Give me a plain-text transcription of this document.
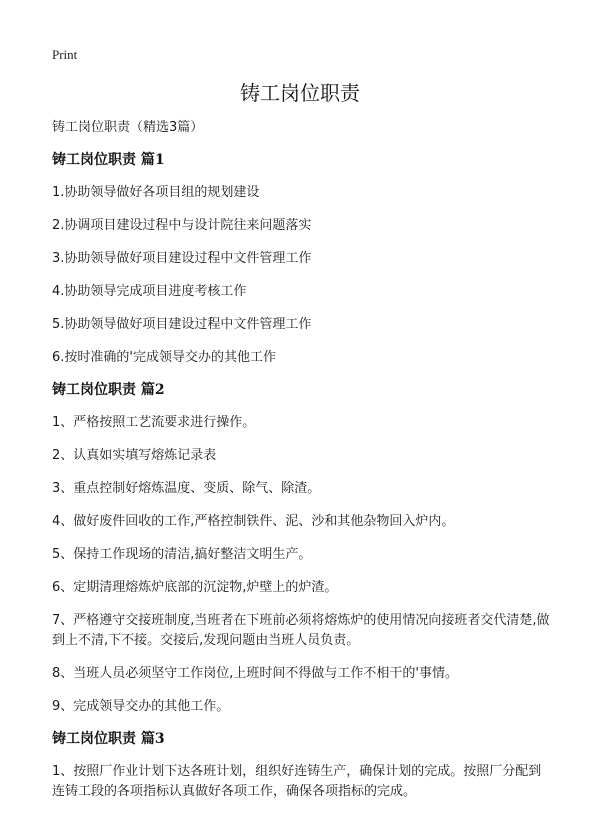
Print
铸工岗位职责

铸工岗位职责（精选3篇）

铸工岗位职责 篇1

1.协助领导做好各项目组的规划建设

2.协调项目建设过程中与设计院往来问题落实

3.协助领导做好项目建设过程中文件管理工作

4.协助领导完成项目进度考核工作

5.协助领导做好项目建设过程中文件管理工作

6.按时准确的'完成领导交办的其他工作

铸工岗位职责 篇2

1、严格按照工艺流要求进行操作。

2、认真如实填写熔炼记录表

3、重点控制好熔炼温度、变质、除气、除渣。

4、做好废件回收的工作,严格控制铁件、泥、沙和其他杂物回入炉内。

5、保持工作现场的清洁,搞好整洁文明生产。

6、定期清理熔炼炉底部的沉淀物,炉壁上的炉渣。

7、严格遵守交接班制度,当班者在下班前必须将熔炼炉的使用情况向接班者交代清楚,做到上不清,下不接。交接后,发现问题由当班人员负责。

8、当班人员必须坚守工作岗位,上班时间不得做与工作不相干的'事情。

9、完成领导交办的其他工作。

铸工岗位职责 篇3

1、按照厂作业计划下达各班计划，组织好连铸生产，确保计划的完成。按照厂分配到连铸工段的各项指标认真做好各项工作，确保各项指标的完成。
